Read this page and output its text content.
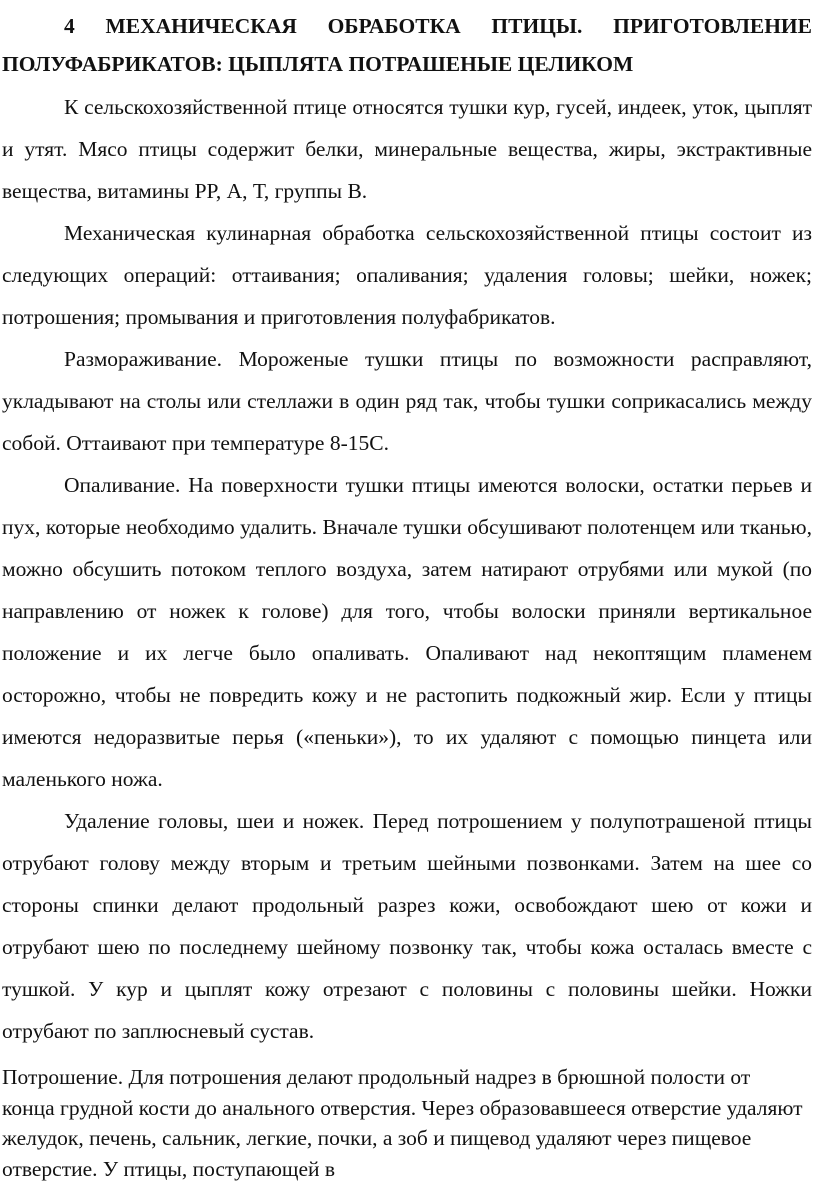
4 МЕХАНИЧЕСКАЯ ОБРАБОТКА ПТИЦЫ. ПРИГОТОВЛЕНИЕ

ПОЛУФАБРИКАТОВ: ЦЫПЛЯТА ПОТРАШЕНЫЕ ЦЕЛИКОМ

К сельскохозяйственной птице относятся тушки кур, гусей, индеек, уток, цыплят и утят. Мясо птицы содержит белки, минеральные вещества, жиры, экстрактивные вещества, витамины РР, А, Т, группы В.

Механическая кулинарная обработка сельскохозяйственной птицы состоит из следующих операций: оттаивания; опаливания; удаления головы; шейки, ножек; потрошения; промывания и приготовления полуфабрикатов.

Размораживание. Мороженые тушки птицы по возможности расправляют, укладывают на столы или стеллажи в один ряд так, чтобы тушки соприкасались между собой. Оттаивают при температуре 8-15С.

Опаливание. На поверхности тушки птицы имеются волоски, остатки перьев и пух, которые необходимо удалить. Вначале тушки обсушивают полотенцем или тканью, можно обсушить потоком теплого воздуха, затем натирают отрубями или мукой (по направлению от ножек к голове) для того, чтобы волоски приняли вертикальное положение и их легче было опаливать. Опаливают над некоптящим пламенем осторожно, чтобы не повредить кожу и не растопить подкожный жир. Если у птицы имеются недоразвитые перья («пеньки»), то их удаляют с помощью пинцета или маленького ножа.

Удаление головы, шеи и ножек. Перед потрошением у полупотрашеной птицы отрубают голову между вторым и третьим шейными позвонками. Затем на шее со стороны спинки делают продольный разрез кожи, освобождают шею от кожи и отрубают шею по последнему шейному позвонку так, чтобы кожа осталась вместе с тушкой. У кур и цыплят кожу отрезают с половины с половины шейки. Ножки отрубают по заплюсневый сустав.

Потрошение. Для потрошения делают продольный надрез в брюшной полости от конца грудной кости до анального отверстия. Через образовавшееся отверстие удаляют желудок, печень, сальник, легкие, почки, а зоб и пищевод удаляют через пищевое отверстие. У птицы, поступающей в
